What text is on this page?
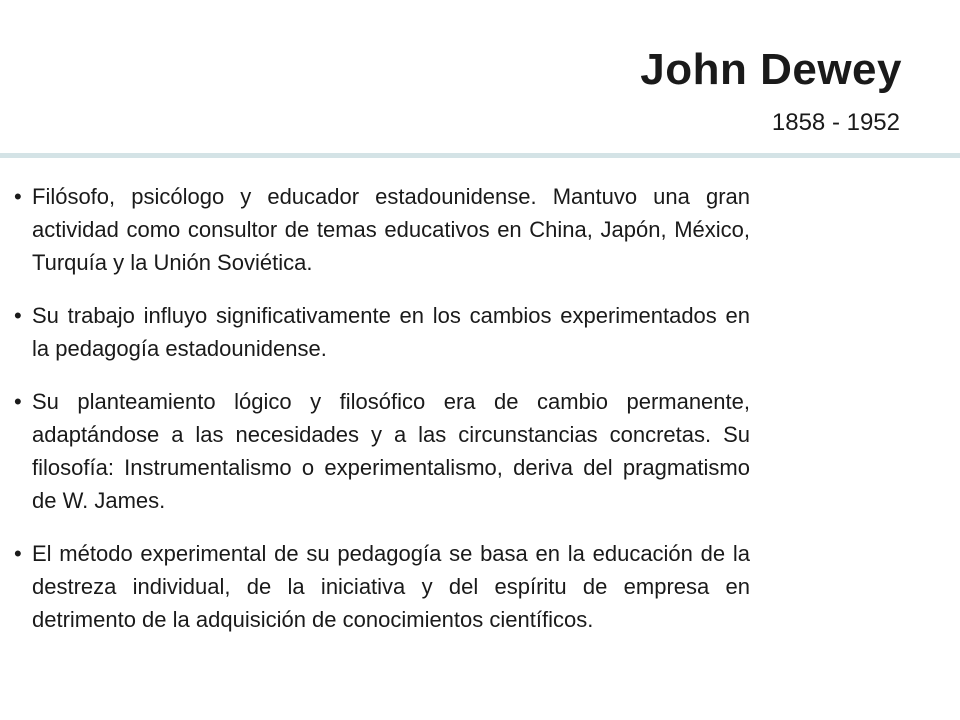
John Dewey
1858 - 1952
• Filósofo, psicólogo y educador estadounidense. Mantuvo una gran actividad como consultor de temas educativos en China, Japón, México, Turquía y la Unión Soviética.
• Su trabajo influyo significativamente en los cambios experimentados en la pedagogía estadounidense.
• Su planteamiento lógico y filosófico era de cambio permanente, adaptándose a las necesidades y a las circunstancias concretas. Su filosofía: Instrumentalismo o experimentalismo, deriva del pragmatismo de W. James.
• El método experimental de su pedagogía se basa en la educación de la destreza individual, de la iniciativa y del espíritu de empresa en detrimento de la adquisición de conocimientos científicos.
